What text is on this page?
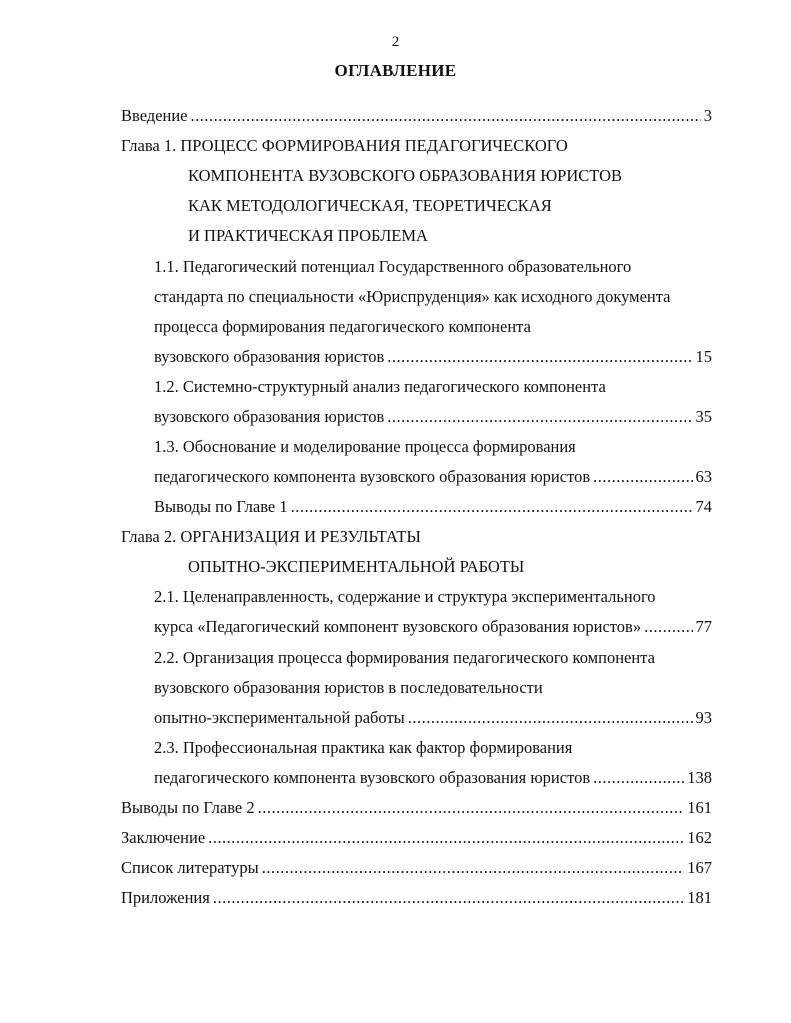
2
ОГЛАВЛЕНИЕ
Введение .....	3
Глава 1. ПРОЦЕСС ФОРМИРОВАНИЯ ПЕДАГОГИЧЕСКОГО
КОМПОНЕНТА ВУЗОВСКОГО ОБРАЗОВАНИЯ ЮРИСТОВ
КАК МЕТОДОЛОГИЧЕСКАЯ, ТЕОРЕТИЧЕСКАЯ
И ПРАКТИЧЕСКАЯ ПРОБЛЕМА
1.1. Педагогический потенциал Государственного образовательного
стандарта по специальности «Юриспруденция» как исходного документа
процесса формирования педагогического компонента
вузовского образования юристов .....	15
1.2. Системно-структурный анализ педагогического компонента
вузовского образования юристов .....	35
1.3. Обоснование и моделирование процесса формирования
педагогического компонента вузовского образования юристов .....	63
Выводы по Главе 1 .....	74
Глава 2. ОРГАНИЗАЦИЯ И РЕЗУЛЬТАТЫ
ОПЫТНО-ЭКСПЕРИМЕНТАЛЬНОЙ РАБОТЫ
2.1. Целенаправленность, содержание и структура экспериментального
курса «Педагогический компонент вузовского образования юристов» .....	77
2.2. Организация процесса формирования педагогического компонента
вузовского образования юристов в последовательности
опытно-экспериментальной работы .....	93
2.3. Профессиональная практика как фактор формирования
педагогического компонента вузовского образования юристов .....	138
Выводы по Главе 2 .....	161
Заключение .....	162
Список литературы .....	167
Приложения .....	181
